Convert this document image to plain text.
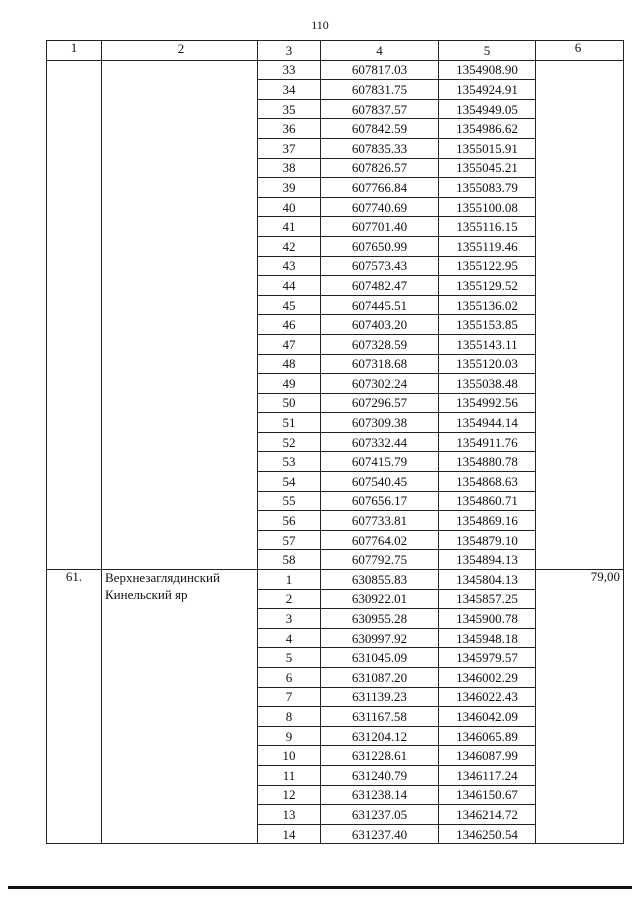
110
1	2	3	4	5	6
		33	607817.03	1354908.90	
		34	607831.75	1354924.91	
		35	607837.57	1354949.05	
		36	607842.59	1354986.62	
		37	607835.33	1355015.91	
		38	607826.57	1355045.21	
		39	607766.84	1355083.79	
		40	607740.69	1355100.08	
		41	607701.40	1355116.15	
		42	607650.99	1355119.46	
		43	607573.43	1355122.95	
		44	607482.47	1355129.52	
		45	607445.51	1355136.02	
		46	607403.20	1355153.85	
		47	607328.59	1355143.11	
		48	607318.68	1355120.03	
		49	607302.24	1355038.48	
		50	607296.57	1354992.56	
		51	607309.38	1354944.14	
		52	607332.44	1354911.76	
		53	607415.79	1354880.78	
		54	607540.45	1354868.63	
		55	607656.17	1354860.71	
		56	607733.81	1354869.16	
		57	607764.02	1354879.10	
		58	607792.75	1354894.13	
61.	Верхнезаглядинский Кинельский яр	1	630855.83	1345804.13	79,00
		2	630922.01	1345857.25	
		3	630955.28	1345900.78	
		4	630997.92	1345948.18	
		5	631045.09	1345979.57	
		6	631087.20	1346002.29	
		7	631139.23	1346022.43	
		8	631167.58	1346042.09	
		9	631204.12	1346065.89	
		10	631228.61	1346087.99	
		11	631240.79	1346117.24	
		12	631238.14	1346150.67	
		13	631237.05	1346214.72	
		14	631237.40	1346250.54	
